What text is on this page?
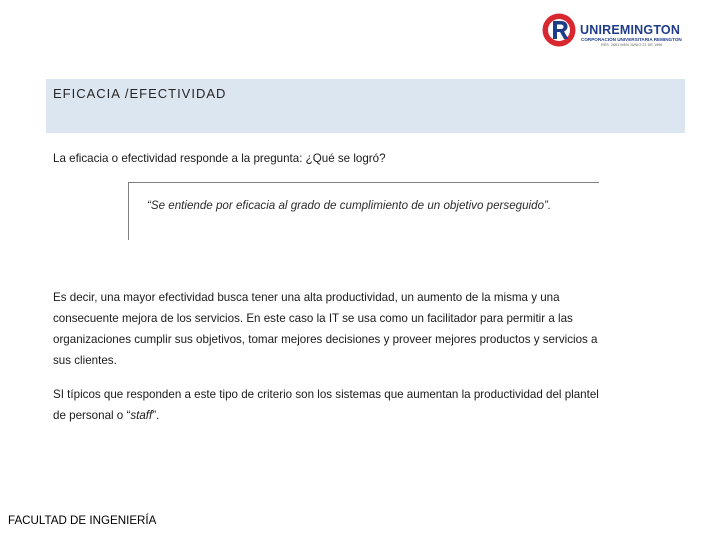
UNIREMINGTON
CORPORACIÓN UNIVERSITARIA REMINGTON
RES. 2661 MEN JUNIO 21 DE 1996
EFICACIA /EFECTIVIDAD
La eficacia o efectividad responde a la pregunta: ¿Qué se logró?
“Se entiende por eficacia al grado de cumplimiento de un objetivo perseguido”.
Es decir, una mayor efectividad busca tener una alta productividad, un aumento de la misma y una
consecuente mejora de los servicios. En este caso la IT se usa como un facilitador para permitir a las
organizaciones cumplir sus objetivos, tomar mejores decisiones y proveer mejores productos y servicios a
sus clientes.
SI típicos que responden a este tipo de criterio son los sistemas que aumentan la productividad del plantel
de personal o “staff”.
FACULTAD DE INGENIERÍA
